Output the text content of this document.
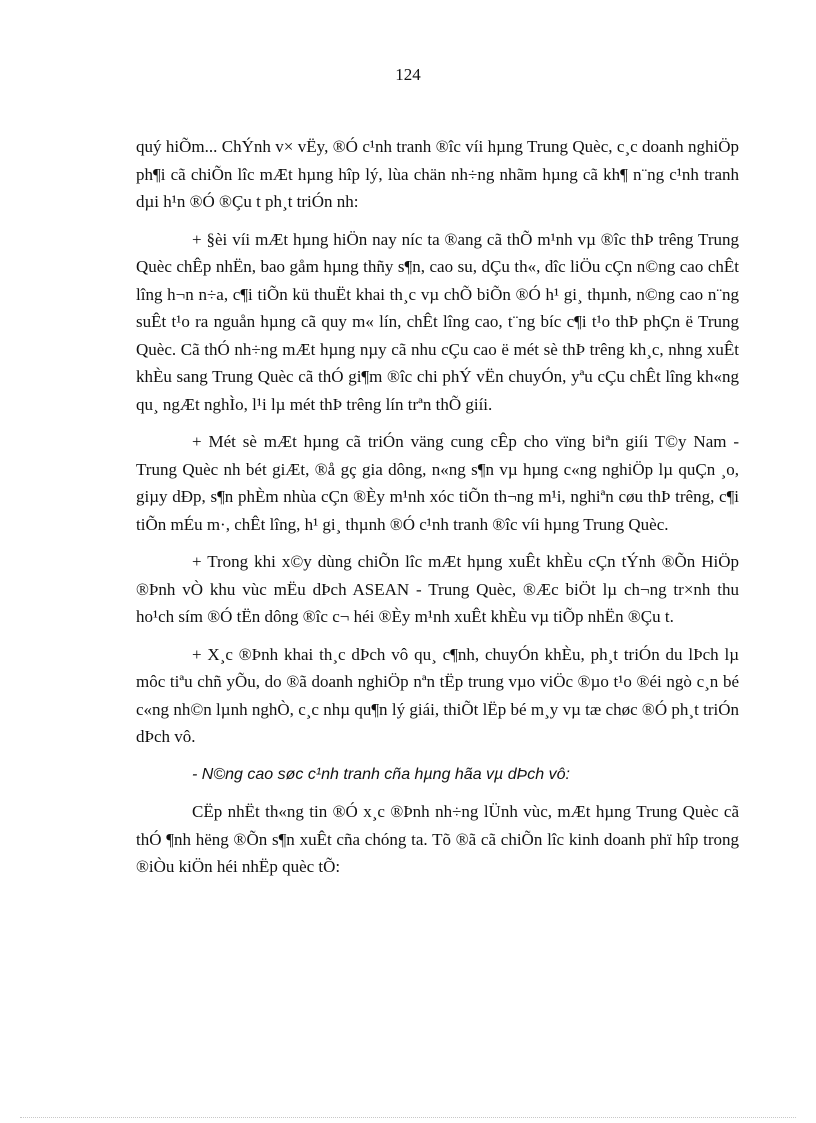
124

quý hiÕm... ChÝnh v× vËy, ®Ó c¹nh tranh ®îc víi hµng Trung Quèc, c¸c doanh nghiÖp ph¶i cã chiÕn lîc mÆt hµng hîp lý, lùa chän nh÷ng nhãm hµng cã kh¶ n¨ng c¹nh tranh dµi h¹n ®Ó ®Çu t ph¸t triÓn nh:

+ §èi víi mÆt hµng hiÖn nay níc ta ®ang cã thÕ m¹nh vµ ®îc thÞ trêng Trung Quèc chÊp nhËn, bao gåm hµng thñy s¶n, cao su, dÇu th«, dîc liÖu cÇn n©ng cao chÊt lîng h¬n n÷a, c¶i tiÕn kü thuËt khai th¸c vµ chÕ biÕn ®Ó h¹ gi¸ thµnh, n©ng cao n¨ng suÊt t¹o ra nguån hµng cã quy m« lín, chÊt lîng cao, t¨ng bíc c¶i t¹o thÞ phÇn ë Trung Quèc. Cã thÓ nh÷ng mÆt hµng nµy cã nhu cÇu cao ë mét sè thÞ trêng kh¸c, nhng xuÊt khÈu sang Trung Quèc cã thÓ gi¶m ®îc chi phÝ vËn chuyÓn, yªu cÇu chÊt lîng kh«ng qu¸ ngÆt nghÌo, l¹i lµ mét thÞ trêng lín trªn thÕ giíi.

+ Mét sè mÆt hµng cã triÓn väng cung cÊp cho vïng biªn giíi T©y Nam - Trung Quèc nh bét giÆt, ®å gç gia dông, n«ng s¶n vµ hµng c«ng nghiÖp lµ quÇn ¸o, giµy dÐp, s¶n phÈm nhùa cÇn ®Èy m¹nh xóc tiÕn th¬ng m¹i, nghiªn cøu thÞ trêng, c¶i tiÕn mÉu m·, chÊt lîng, h¹ gi¸ thµnh ®Ó c¹nh tranh ®îc víi hµng Trung Quèc.

+ Trong khi x©y dùng chiÕn lîc mÆt hµng xuÊt khÈu cÇn tÝnh ®Õn HiÖp ®Þnh vÒ khu vùc mËu dÞch ASEAN - Trung Quèc, ®Æc biÖt lµ ch¬ng tr×nh thu ho¹ch sím ®Ó tËn dông ®îc c¬ héi ®Èy m¹nh xuÊt khÈu vµ tiÕp nhËn ®Çu t.

+ X¸c ®Þnh khai th¸c dÞch vô qu¸ c¶nh, chuyÓn khÈu, ph¸t triÓn du lÞch lµ môc tiªu chñ yÕu, do ®ã doanh nghiÖp nªn tËp trung vµo viÖc ®µo t¹o ®éi ngò c¸n bé c«ng nh©n lµnh nghÒ, c¸c nhµ qu¶n lý giái, thiÕt lËp bé m¸y vµ tæ chøc ®Ó ph¸t triÓn dÞch vô.

- N©ng cao søc c¹nh tranh cña hµng hãa vµ dÞch vô:

CËp nhËt th«ng tin ®Ó x¸c ®Þnh nh÷ng lÜnh vùc, mÆt hµng Trung Quèc cã thÓ ¶nh hëng ®Õn s¶n xuÊt cña chóng ta. Tõ ®ã cã chiÕn lîc kinh doanh phï hîp trong ®iÒu kiÖn héi nhËp quèc tÕ:
